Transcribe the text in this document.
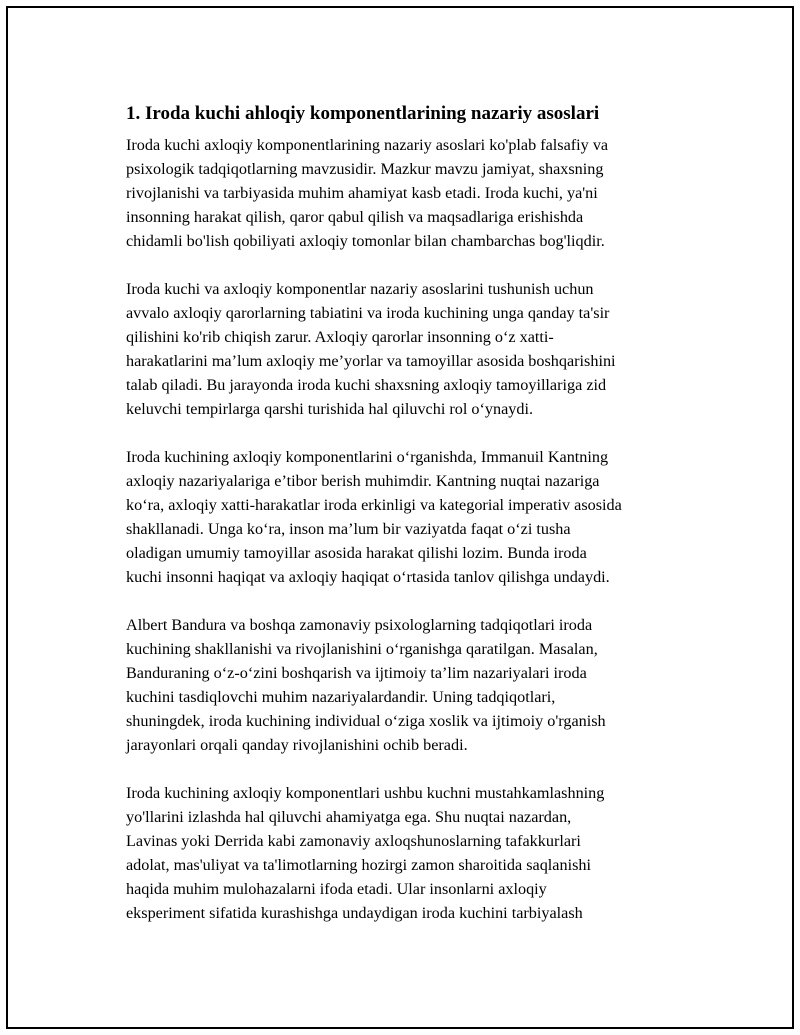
1. Iroda kuchi ahloqiy komponentlarining nazariy asoslari
Iroda kuchi axloqiy komponentlarining nazariy asoslari ko'plab falsafiy va
psixologik tadqiqotlarning mavzusidir. Mazkur mavzu jamiyat, shaxsning
rivojlanishi va tarbiyasida muhim ahamiyat kasb etadi. Iroda kuchi, ya'ni
insonning harakat qilish, qaror qabul qilish va maqsadlariga erishishda
chidamli bo'lish qobiliyati axloqiy tomonlar bilan chambarchas bog'liqdir.
Iroda kuchi va axloqiy komponentlar nazariy asoslarini tushunish uchun
avvalo axloqiy qarorlarning tabiatini va iroda kuchining unga qanday ta'sir
qilishini ko'rib chiqish zarur. Axloqiy qarorlar insonning o‘z xatti-
harakatlarini ma’lum axloqiy me’yorlar va tamoyillar asosida boshqarishini
talab qiladi. Bu jarayonda iroda kuchi shaxsning axloqiy tamoyillariga zid
keluvchi tempirlarga qarshi turishida hal qiluvchi rol o‘ynaydi.
Iroda kuchining axloqiy komponentlarini o‘rganishda, Immanuil Kantning
axloqiy nazariyalariga e’tibor berish muhimdir. Kantning nuqtai nazariga
ko‘ra, axloqiy xatti-harakatlar iroda erkinligi va kategorial imperativ asosida
shakllanadi. Unga ko‘ra, inson ma’lum bir vaziyatda faqat o‘zi tusha
oladigan umumiy tamoyillar asosida harakat qilishi lozim. Bunda iroda
kuchi insonni haqiqat va axloqiy haqiqat o‘rtasida tanlov qilishga undaydi.
Albert Bandura va boshqa zamonaviy psixologlarning tadqiqotlari iroda
kuchining shakllanishi va rivojlanishini o‘rganishga qaratilgan. Masalan,
Banduraning o‘z-o‘zini boshqarish va ijtimoiy ta’lim nazariyalari iroda
kuchini tasdiqlovchi muhim nazariyalardandir. Uning tadqiqotlari,
shuningdek, iroda kuchining individual o‘ziga xoslik va ijtimoiy o'rganish
jarayonlari orqali qanday rivojlanishini ochib beradi.
Iroda kuchining axloqiy komponentlari ushbu kuchni mustahkamlashning
yo'llarini izlashda hal qiluvchi ahamiyatga ega. Shu nuqtai nazardan,
Lavinas yoki Derrida kabi zamonaviy axloqshunoslarning tafakkurlari
adolat, mas'uliyat va ta'limotlarning hozirgi zamon sharoitida saqlanishi
haqida muhim mulohazalarni ifoda etadi. Ular insonlarni axloqiy
eksperiment sifatida kurashishga undaydigan iroda kuchini tarbiyalash
